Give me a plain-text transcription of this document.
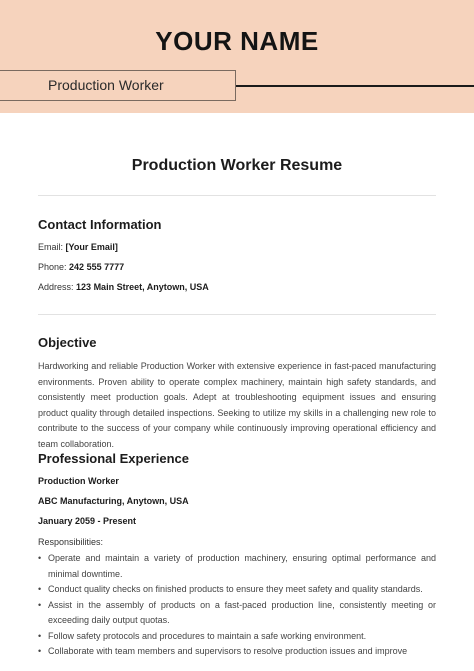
YOUR NAME
Production Worker
Production Worker Resume
Contact Information
Email: [Your Email]
Phone: 242 555 7777
Address: 123 Main Street, Anytown, USA
Objective
Hardworking and reliable Production Worker with extensive experience in fast-paced manufacturing environments. Proven ability to operate complex machinery, maintain high safety standards, and consistently meet production goals. Adept at troubleshooting equipment issues and ensuring product quality through detailed inspections. Seeking to utilize my skills in a challenging new role to contribute to the success of your company while continuously improving operational efficiency and team collaboration.
Professional Experience
Production Worker
ABC Manufacturing, Anytown, USA
January 2059 - Present
Responsibilities:
• Operate and maintain a variety of production machinery, ensuring optimal performance and minimal downtime.
• Conduct quality checks on finished products to ensure they meet safety and quality standards.
• Assist in the assembly of products on a fast-paced production line, consistently meeting or exceeding daily output quotas.
• Follow safety protocols and procedures to maintain a safe working environment.
• Collaborate with team members and supervisors to resolve production issues and improve
